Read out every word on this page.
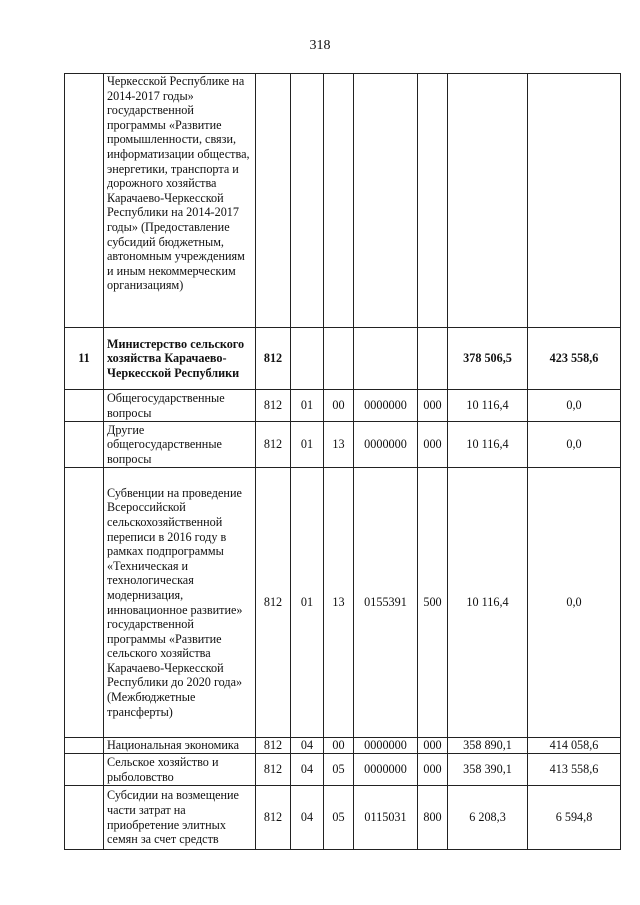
318
	Черкесской Республике на 2014-2017 годы» государственной программы «Развитие промышленности, связи, информатизации общества, энергетики, транспорта и дорожного хозяйства Карачаево-Черкесской Республики на 2014-2017 годы» (Предоставление субсидий бюджетным, автономным учреждениям и иным некоммерческим организациям)							
11	Министерство сельского хозяйства Карачаево-Черкесской Республики	812					378 506,5	423 558,6
	Общегосударственные вопросы	812	01	00	0000000	000	10 116,4	0,0
	Другие общегосударственные вопросы	812	01	13	0000000	000	10 116,4	0,0
	Субвенции на проведение Всероссийской сельскохозяйственной переписи в 2016 году в рамках подпрограммы «Техническая и технологическая модернизация, инновационное развитие» государственной программы «Развитие сельского хозяйства Карачаево-Черкесской Республики до 2020 года» (Межбюджетные трансферты)	812	01	13	0155391	500	10 116,4	0,0
	Национальная экономика	812	04	00	0000000	000	358 890,1	414 058,6
	Сельское хозяйство и рыболовство	812	04	05	0000000	000	358 390,1	413 558,6
	Субсидии на возмещение части затрат на приобретение элитных семян за счет средств	812	04	05	0115031	800	6 208,3	6 594,8
